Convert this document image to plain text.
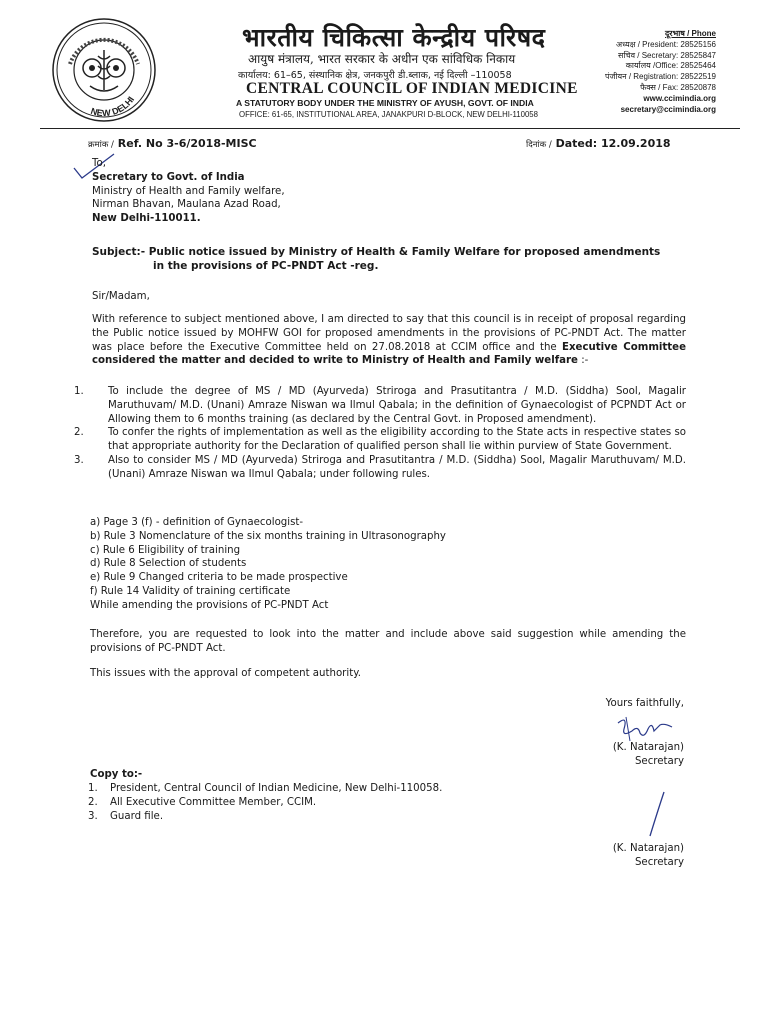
NEW DELHI
भारतीय चिकित्सा केन्द्रीय परिषद
आयुष मंत्रालय, भारत सरकार के अधीन एक सांविधिक निकाय
कार्यालय: 61–65, संस्थानिक क्षेत्र, जनकपुरी डी.ब्लाक, नई दिल्ली –110058
CENTRAL COUNCIL OF INDIAN MEDICINE
A STATUTORY BODY UNDER THE MINISTRY OF AYUSH, GOVT. OF INDIA
OFFICE: 61-65, INSTITUTIONAL AREA, JANAKPURI D-BLOCK, NEW DELHI-110058
दूरभाष / Phone
अध्यक्ष / President: 28525156
सचिव / Secretary: 28525847
कार्यालय /Office: 28525464
पंजीयन / Registration: 28522519
फैक्स / Fax: 28520878
www.ccimindia.org
secretary@ccimindia.org
क्रमांक / Ref. No 3-6/2018-MISC	दिनांक / Dated: 12.09.2018
To,
Secretary to Govt. of India
Ministry of Health and Family welfare,
Nirman Bhavan, Maulana Azad Road,
New Delhi-110011.
Subject:- Public notice issued by Ministry of Health & Family Welfare for proposed amendments
in the provisions of PC-PNDT Act -reg.
Sir/Madam,
With reference to subject mentioned above, I am directed to say that this council is in receipt of proposal regarding the Public notice issued by MOHFW GOI for proposed amendments in the provisions of PC-PNDT Act. The matter was place before the Executive Committee held on 27.08.2018 at CCIM office and the Executive Committee considered the matter and decided to write to Ministry of Health and Family welfare :-
1.	To include the degree of MS / MD (Ayurveda) Striroga and Prasutitantra / M.D. (Siddha) Sool, Magalir Maruthuvam/ M.D. (Unani) Amraze Niswan wa Ilmul Qabala; in the definition of Gynaecologist of PCPNDT Act or Allowing them to 6 months training (as declared by the Central Govt. in Proposed amendment).
2.	To confer the rights of implementation as well as the eligibility according to the State acts in respective states so that appropriate authority for the Declaration of qualified person shall lie within purview of State Government.
3.	Also to consider MS / MD (Ayurveda) Striroga and Prasutitantra / M.D. (Siddha) Sool, Magalir Maruthuvam/ M.D. (Unani) Amraze Niswan wa Ilmul Qabala; under following rules.
a) Page 3 (f) - definition of Gynaecologist-
b) Rule 3 Nomenclature of the six months training in Ultrasonography
c) Rule 6 Eligibility of training
d) Rule 8 Selection of students
e) Rule 9 Changed criteria to be made prospective
f) Rule 14 Validity of training certificate
While amending the provisions of PC-PNDT Act
Therefore, you are requested to look into the matter and include above said suggestion while amending the provisions of PC-PNDT Act.
This issues with the approval of competent authority.
Yours faithfully,
(K. Natarajan)
Secretary
Copy to:-
1.	President, Central Council of Indian Medicine, New Delhi-110058.
2.	All Executive Committee Member, CCIM.
3.	Guard file.
(K. Natarajan)
Secretary
